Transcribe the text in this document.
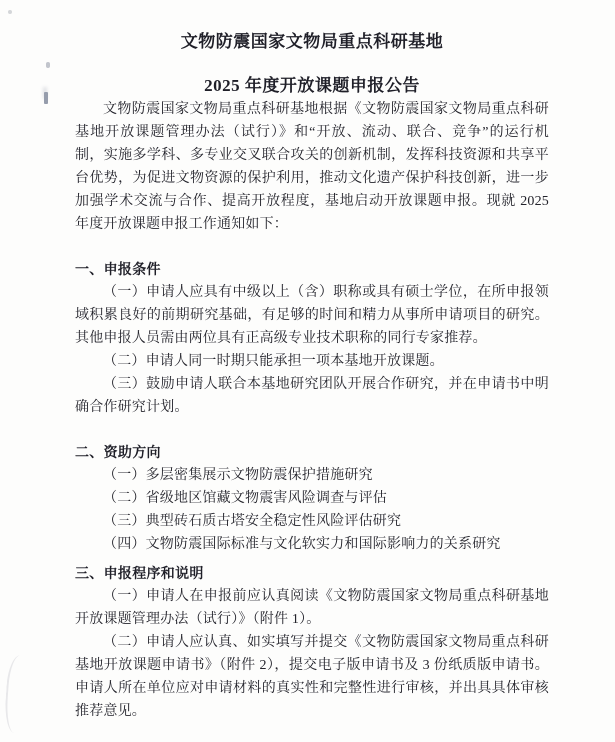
文物防震国家文物局重点科研基地
2025 年度开放课题申报公告

文物防震国家文物局重点科研基地根据《文物防震国家文物局重点科研基地开放课题管理办法（试行）》和“开放、流动、联合、竞争”的运行机制，实施多学科、多专业交叉联合攻关的创新机制，发挥科技资源和共享平台优势，为促进文物资源的保护利用，推动文化遗产保护科技创新，进一步加强学术交流与合作、提高开放程度，基地启动开放课题申报。现就 2025 年度开放课题申报工作通知如下：

一、申报条件

（一）申请人应具有中级以上（含）职称或具有硕士学位，在所申报领域积累良好的前期研究基础，有足够的时间和精力从事所申请项目的研究。其他申报人员需由两位具有正高级专业技术职称的同行专家推荐。

（二）申请人同一时期只能承担一项本基地开放课题。

（三）鼓励申请人联合本基地研究团队开展合作研究，并在申请书中明确合作研究计划。

二、资助方向

（一）多层密集展示文物防震保护措施研究

（二）省级地区馆藏文物震害风险调查与评估

（三）典型砖石质古塔安全稳定性风险评估研究

（四）文物防震国际标准与文化软实力和国际影响力的关系研究

三、申报程序和说明

（一）申请人在申报前应认真阅读《文物防震国家文物局重点科研基地开放课题管理办法（试行）》（附件 1）。

（二）申请人应认真、如实填写并提交《文物防震国家文物局重点科研基地开放课题申请书》（附件 2），提交电子版申请书及 3 份纸质版申请书。申请人所在单位应对申请材料的真实性和完整性进行审核，并出具具体审核推荐意见。
